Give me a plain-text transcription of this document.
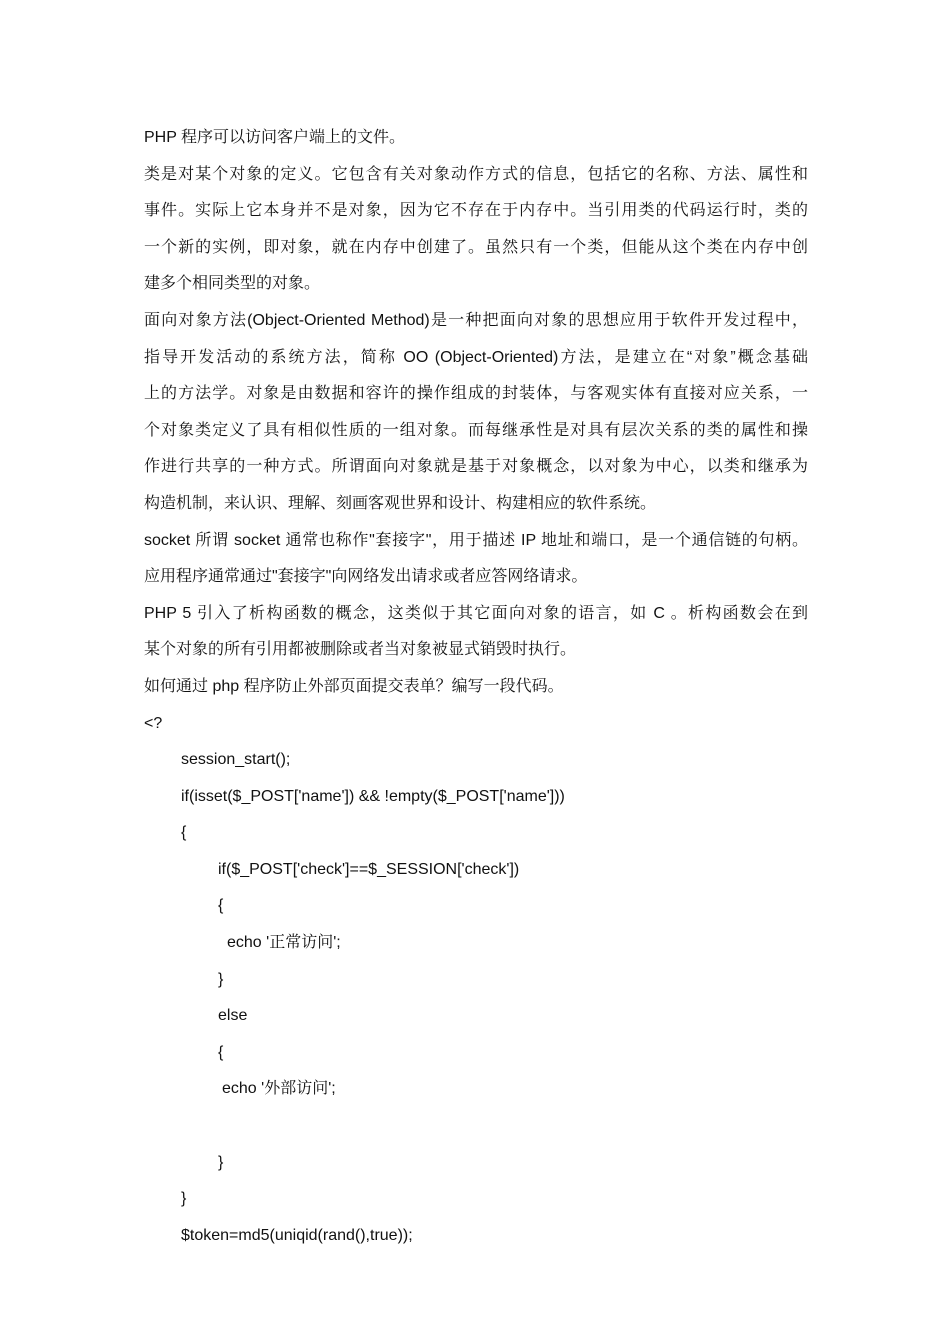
PHP 程序可以访问客户端上的文件。
类是对某个对象的定义。它包含有关对象动作方式的信息，包括它的名称、方法、属性和
事件。实际上它本身并不是对象，因为它不存在于内存中。当引用类的代码运行时，类的
一个新的实例，即对象，就在内存中创建了。虽然只有一个类，但能从这个类在内存中创
建多个相同类型的对象。
面向对象方法(Object-Oriented Method)是一种把面向对象的思想应用于软件开发过程中，
指导开发活动的系统方法，简称 OO (Object-Oriented)方法，是建立在“对象”概念基础
上的方法学。对象是由数据和容许的操作组成的封装体，与客观实体有直接对应关系，一
个对象类定义了具有相似性质的一组对象。而每继承性是对具有层次关系的类的属性和操
作进行共享的一种方式。所谓面向对象就是基于对象概念，以对象为中心，以类和继承为
构造机制，来认识、理解、刻画客观世界和设计、构建相应的软件系统。
socket 所谓 socket 通常也称作"套接字"，用于描述 IP 地址和端口，是一个通信链的句柄。
应用程序通常通过"套接字"向网络发出请求或者应答网络请求。
PHP 5 引入了析构函数的概念，这类似于其它面向对象的语言，如 C 。析构函数会在到
某个对象的所有引用都被删除或者当对象被显式销毁时执行。
如何通过 php 程序防止外部页面提交表单？编写一段代码。
<?
session_start();
if(isset($_POST['name']) && !empty($_POST['name']))
{
if($_POST['check']==$_SESSION['check'])
{
echo '正常访问';
}
else
{
echo '外部访问';
}
}
$token=md5(uniqid(rand(),true));
